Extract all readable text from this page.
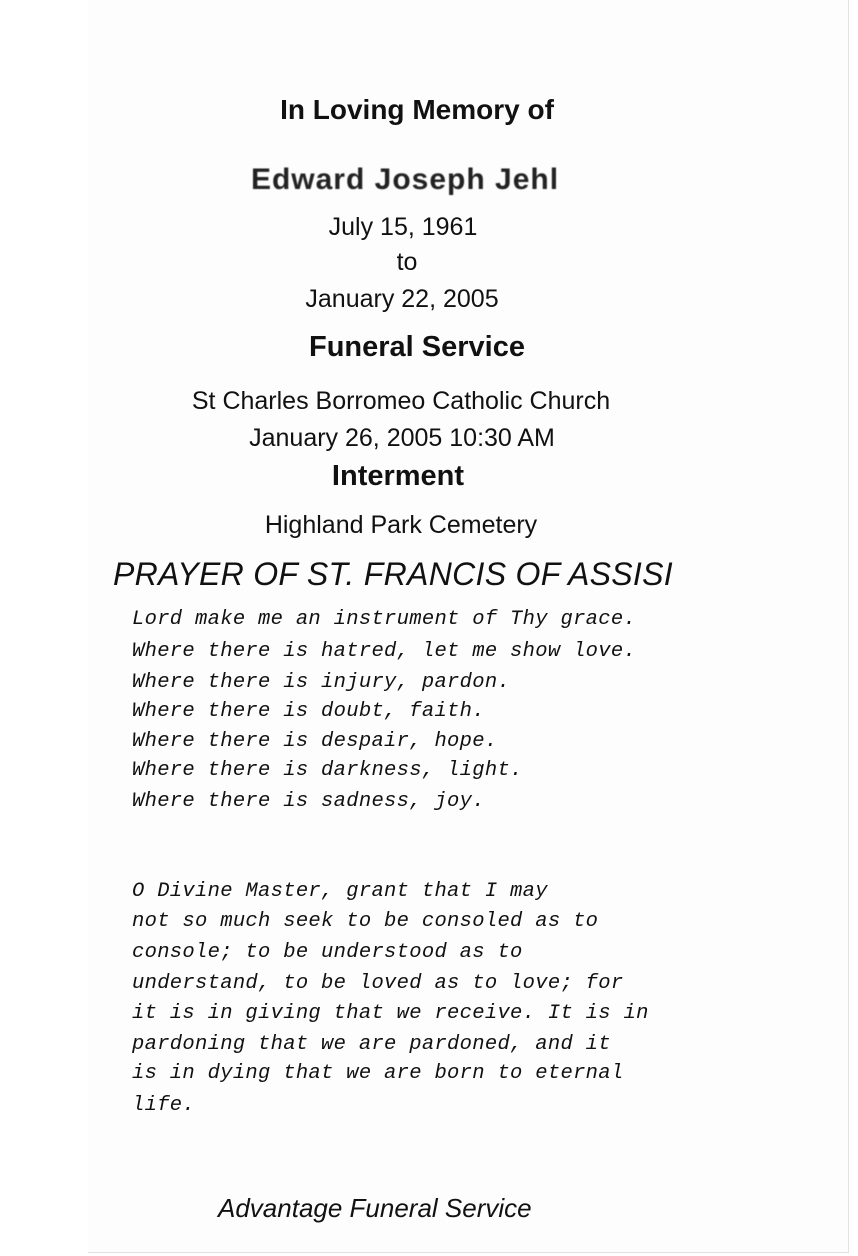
In Loving Memory of
Edward Joseph Jehl
July 15, 1961
to
January 22, 2005
Funeral Service
St Charles Borromeo Catholic Church
January 26, 2005 10:30 AM
Interment
Highland Park Cemetery
PRAYER OF ST. FRANCIS OF ASSISI
Lord make me an instrument of Thy grace.
Where there is hatred, let me show love.
Where there is injury, pardon.
Where there is doubt, faith.
Where there is despair, hope.
Where there is darkness, light.
Where there is sadness, joy.
O Divine Master, grant that I may
not so much seek to be consoled as to
console; to be understood as to
understand, to be loved as to love; for
it is in giving that we receive. It is in
pardoning that we are pardoned, and it
is in dying that we are born to eternal
life.
Advantage Funeral Service
